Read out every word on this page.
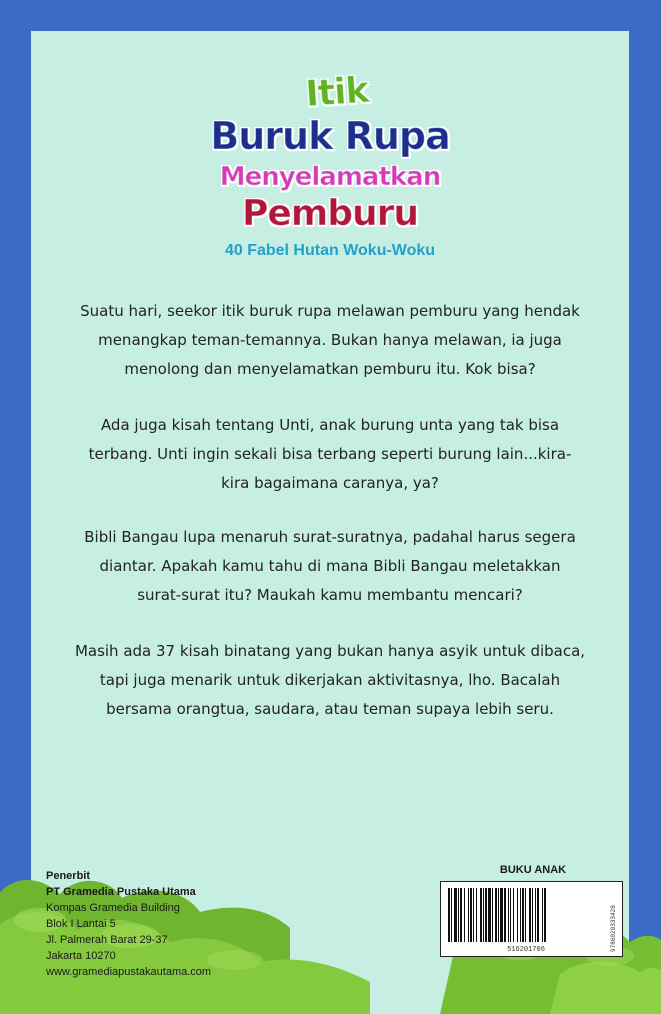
Itik
Buruk Rupa
Menyelamatkan
Pemburu
40 Fabel Hutan Woku-Woku
Suatu hari, seekor itik buruk rupa melawan pemburu yang hendak
menangkap teman-temannya. Bukan hanya melawan, ia juga
menolong dan menyelamatkan pemburu itu. Kok bisa?
Ada juga kisah tentang Unti, anak burung unta yang tak bisa
terbang. Unti ingin sekali bisa terbang seperti burung lain...kira-
kira bagaimana caranya, ya?
Bibli Bangau lupa menaruh surat-suratnya, padahal harus segera
diantar. Apakah kamu tahu di mana Bibli Bangau meletakkan
surat-surat itu? Maukah kamu membantu mencari?
Masih ada 37 kisah binatang yang bukan hanya asyik untuk dibaca,
tapi juga menarik untuk dikerjakan aktivitasnya, lho. Bacalah
bersama orangtua, saudara, atau teman supaya lebih seru.
Penerbit
PT Gramedia Pustaka Utama
Kompas Gramedia Building
Blok I Lantai 5
Jl. Palmerah Barat 29-37
Jakarta 10270
www.gramediapustakautama.com
BUKU ANAK
516201706	9786020333428
